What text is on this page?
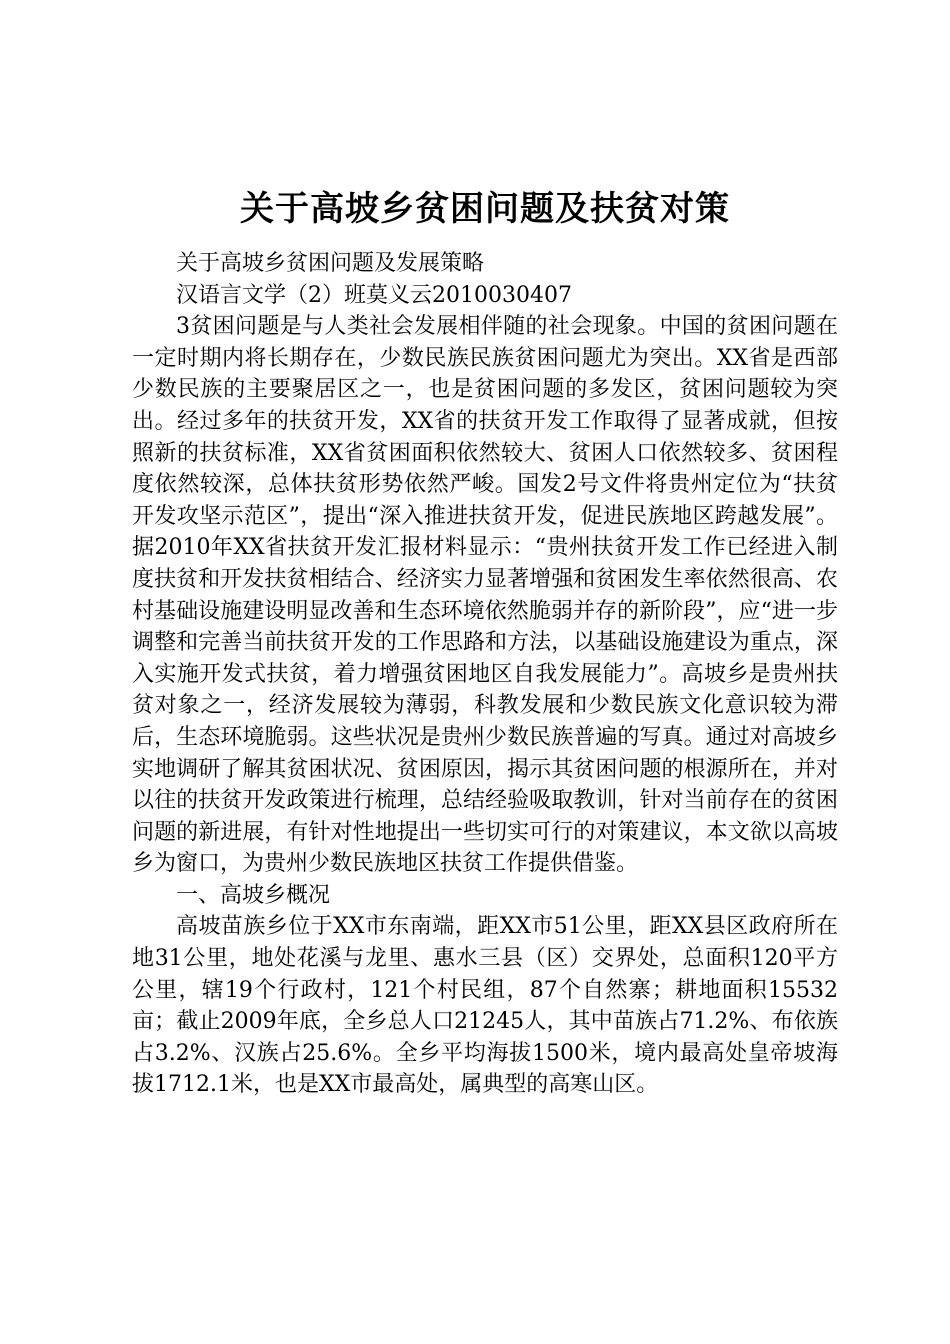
关于高坡乡贫困问题及扶贫对策

关于高坡乡贫困问题及发展策略

汉语言文学（2）班莫义云2010030407

3贫困问题是与人类社会发展相伴随的社会现象。中国的贫困问题在一定时期内将长期存在，少数民族民族贫困问题尤为突出。XX省是西部少数民族的主要聚居区之一，也是贫困问题的多发区，贫困问题较为突出。经过多年的扶贫开发，XX省的扶贫开发工作取得了显著成就，但按照新的扶贫标准，XX省贫困面积依然较大、贫困人口依然较多、贫困程度依然较深，总体扶贫形势依然严峻。国发2号文件将贵州定位为“扶贫开发攻坚示范区”，提出“深入推进扶贫开发，促进民族地区跨越发展”。据2010年XX省扶贫开发汇报材料显示：“贵州扶贫开发工作已经进入制度扶贫和开发扶贫相结合、经济实力显著增强和贫困发生率依然很高、农村基础设施建设明显改善和生态环境依然脆弱并存的新阶段”，应“进一步调整和完善当前扶贫开发的工作思路和方法，以基础设施建设为重点，深入实施开发式扶贫，着力增强贫困地区自我发展能力”。高坡乡是贵州扶贫对象之一，经济发展较为薄弱，科教发展和少数民族文化意识较为滞后，生态环境脆弱。这些状况是贵州少数民族普遍的写真。通过对高坡乡实地调研了解其贫困状况、贫困原因，揭示其贫困问题的根源所在，并对以往的扶贫开发政策进行梳理，总结经验吸取教训，针对当前存在的贫困问题的新进展，有针对性地提出一些切实可行的对策建议，本文欲以高坡乡为窗口，为贵州少数民族地区扶贫工作提供借鉴。

一、高坡乡概况

高坡苗族乡位于XX市东南端，距XX市51公里，距XX县区政府所在地31公里，地处花溪与龙里、惠水三县（区）交界处，总面积120平方公里，辖19个行政村，121个村民组，87个自然寨；耕地面积15532亩；截止2009年底，全乡总人口21245人，其中苗族占71.2%、布依族占3.2%、汉族占25.6%。全乡平均海拔1500米，境内最高处皇帝坡海拔1712.1米，也是XX市最高处，属典型的高寒山区。
